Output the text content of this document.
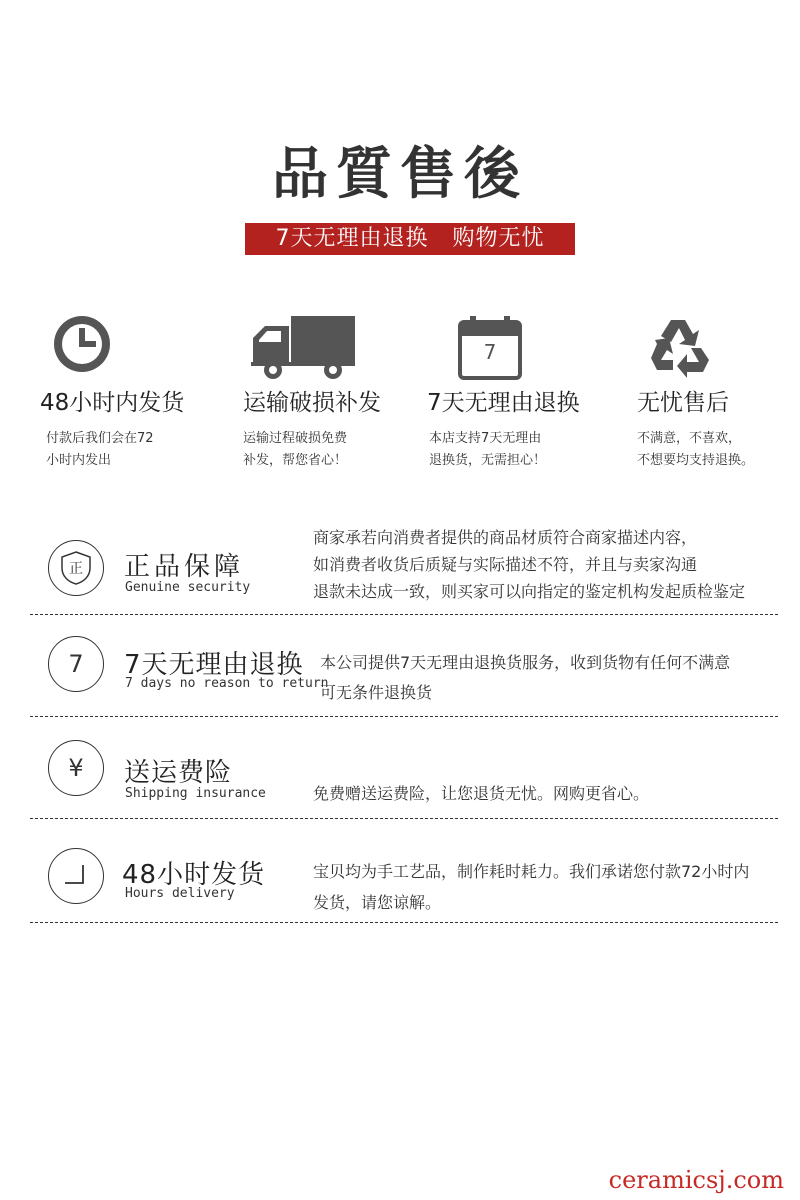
品質售後
7天无理由退换   购物无忧
48小时内发货
付款后我们会在72
小时内发出
运输破损补发
运输过程破损免费
补发，帮您省心！
7
7天无理由退换
本店支持7天无理由
退换货，无需担心！
无忧售后
不满意，不喜欢，
不想要均支持退换。
正 正品保障
Genuine security
商家承若向消费者提供的商品材质符合商家描述内容，
如消费者收货后质疑与实际描述不符，并且与卖家沟通
退款未达成一致，则买家可以向指定的鉴定机构发起质检鉴定
7 7天无理由退换
7 days no reason to return
本公司提供7天无理由退换货服务，收到货物有任何不满意
可无条件退换货
¥ 送运费险
Shipping insurance	免费赠送运费险，让您退货无忧。网购更省心。
48小时发货
Hours delivery
宝贝均为手工艺品，制作耗时耗力。我们承诺您付款72小时内
发货，请您谅解。
ceramicsj.com
